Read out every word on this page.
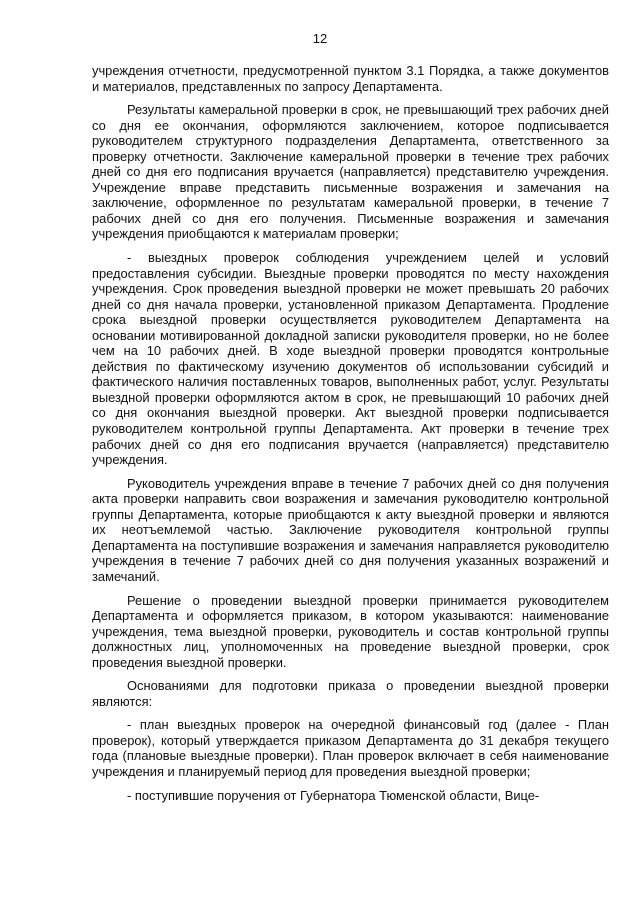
12

учреждения отчетности, предусмотренной пунктом 3.1 Порядка, а также документов и материалов, представленных по запросу Департамента.

Результаты камеральной проверки в срок, не превышающий трех рабочих дней со дня ее окончания, оформляются заключением, которое подписывается руководителем структурного подразделения Департамента, ответственного за проверку отчетности. Заключение камеральной проверки в течение трех рабочих дней со дня его подписания вручается (направляется) представителю учреждения. Учреждение вправе представить письменные возражения и замечания на заключение, оформленное по результатам камеральной проверки, в течение 7 рабочих дней со дня его получения. Письменные возражения и замечания учреждения приобщаются к материалам проверки;

- выездных проверок соблюдения учреждением целей и условий предоставления субсидии. Выездные проверки проводятся по месту нахождения учреждения. Срок проведения выездной проверки не может превышать 20 рабочих дней со дня начала проверки, установленной приказом Департамента. Продление срока выездной проверки осуществляется руководителем Департамента на основании мотивированной докладной записки руководителя проверки, но не более чем на 10 рабочих дней. В ходе выездной проверки проводятся контрольные действия по фактическому изучению документов об использовании субсидий и фактического наличия поставленных товаров, выполненных работ, услуг. Результаты выездной проверки оформляются актом в срок, не превышающий 10 рабочих дней со дня окончания выездной проверки. Акт выездной проверки подписывается руководителем контрольной группы Департамента. Акт проверки в течение трех рабочих дней со дня его подписания вручается (направляется) представителю учреждения.

Руководитель учреждения вправе в течение 7 рабочих дней со дня получения акта проверки направить свои возражения и замечания руководителю контрольной группы Департамента, которые приобщаются к акту выездной проверки и являются их неотъемлемой частью. Заключение руководителя контрольной группы Департамента на поступившие возражения и замечания направляется руководителю учреждения в течение 7 рабочих дней со дня получения указанных возражений и замечаний.

Решение о проведении выездной проверки принимается руководителем Департамента и оформляется приказом, в котором указываются: наименование учреждения, тема выездной проверки, руководитель и состав контрольной группы должностных лиц, уполномоченных на проведение выездной проверки, срок проведения выездной проверки.

Основаниями для подготовки приказа о проведении выездной проверки являются:

- план выездных проверок на очередной финансовый год (далее - План проверок), который утверждается приказом Департамента до 31 декабря текущего года (плановые выездные проверки). План проверок включает в себя наименование учреждения и планируемый период для проведения выездной проверки;

- поступившие поручения от Губернатора Тюменской области, Вице-
